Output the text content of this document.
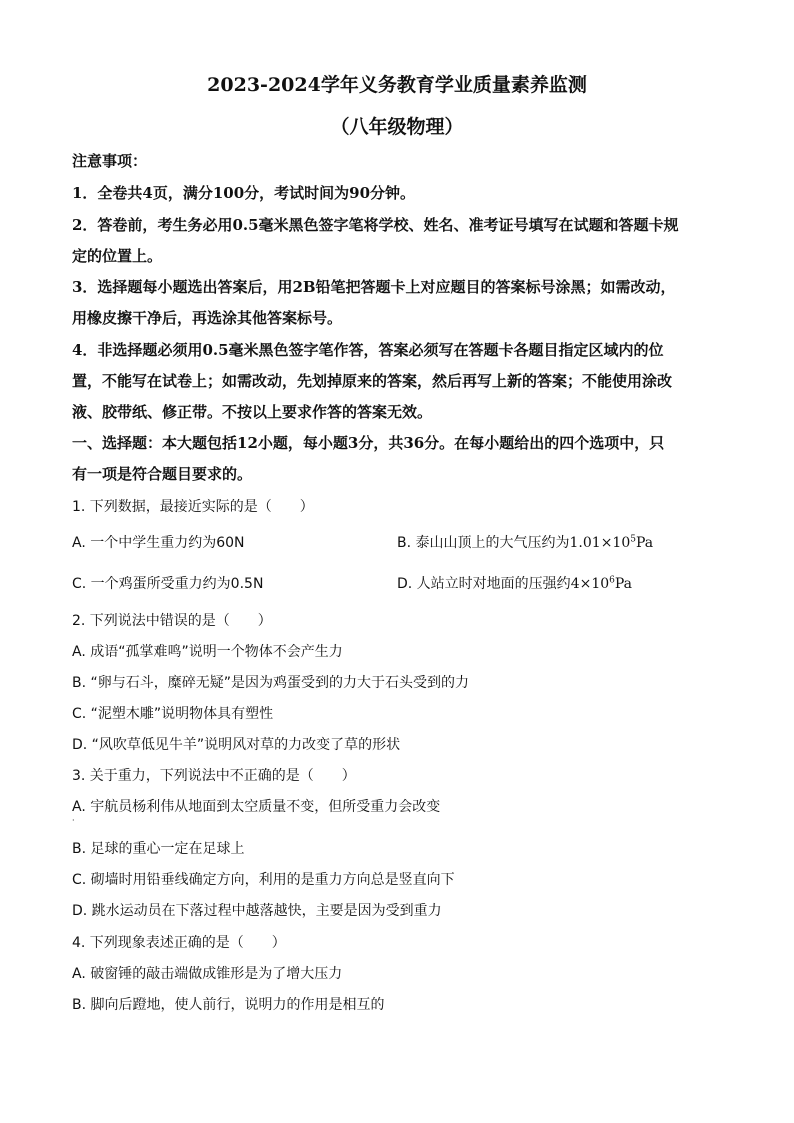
2023-2024学年义务教育学业质量素养监测
（八年级物理）
注意事项：
1．全卷共4页，满分100分，考试时间为90分钟。
2．答卷前，考生务必用0.5毫米黑色签字笔将学校、姓名、准考证号填写在试题和答题卡规
定的位置上。
3．选择题每小题选出答案后，用2B铅笔把答题卡上对应题目的答案标号涂黑；如需改动，
用橡皮擦干净后，再选涂其他答案标号。
4．非选择题必须用0.5毫米黑色签字笔作答，答案必须写在答题卡各题目指定区域内的位
置，不能写在试卷上；如需改动，先划掉原来的答案，然后再写上新的答案；不能使用涂改
液、胶带纸、修正带。不按以上要求作答的答案无效。
一、选择题：本大题包括12小题，每小题3分，共36分。在每小题给出的四个选项中，只
有一项是符合题目要求的。
1. 下列数据，最接近实际的是（　　）
A. 一个中学生重力约为60N	B. 泰山山顶上的大气压约为$1.01\times 10^5Pa$
C. 一个鸡蛋所受重力约为0.5N	D. 人站立时对地面的压强约$4\times 10^6Pa$
2. 下列说法中错误的是（　　）
A. 成语“孤掌难鸣”说明一个物体不会产生力
B. “卵与石斗，糜碎无疑”是因为鸡蛋受到的力大于石头受到的力
C. “泥塑木雕”说明物体具有塑性
D. “风吹草低见牛羊”说明风对草的力改变了草的形状
3. 关于重力，下列说法中不正确的是（　　）
A. 宇航员杨利伟从地面到太空质量不变，但所受重力会改变
·
B. 足球的重心一定在足球上
C. 砌墙时用铅垂线确定方向，利用的是重力方向总是竖直向下
D. 跳水运动员在下落过程中越落越快，主要是因为受到重力
4. 下列现象表述正确的是（　　）
A. 破窗锤的敲击端做成锥形是为了增大压力
B. 脚向后蹬地，使人前行，说明力的作用是相互的
